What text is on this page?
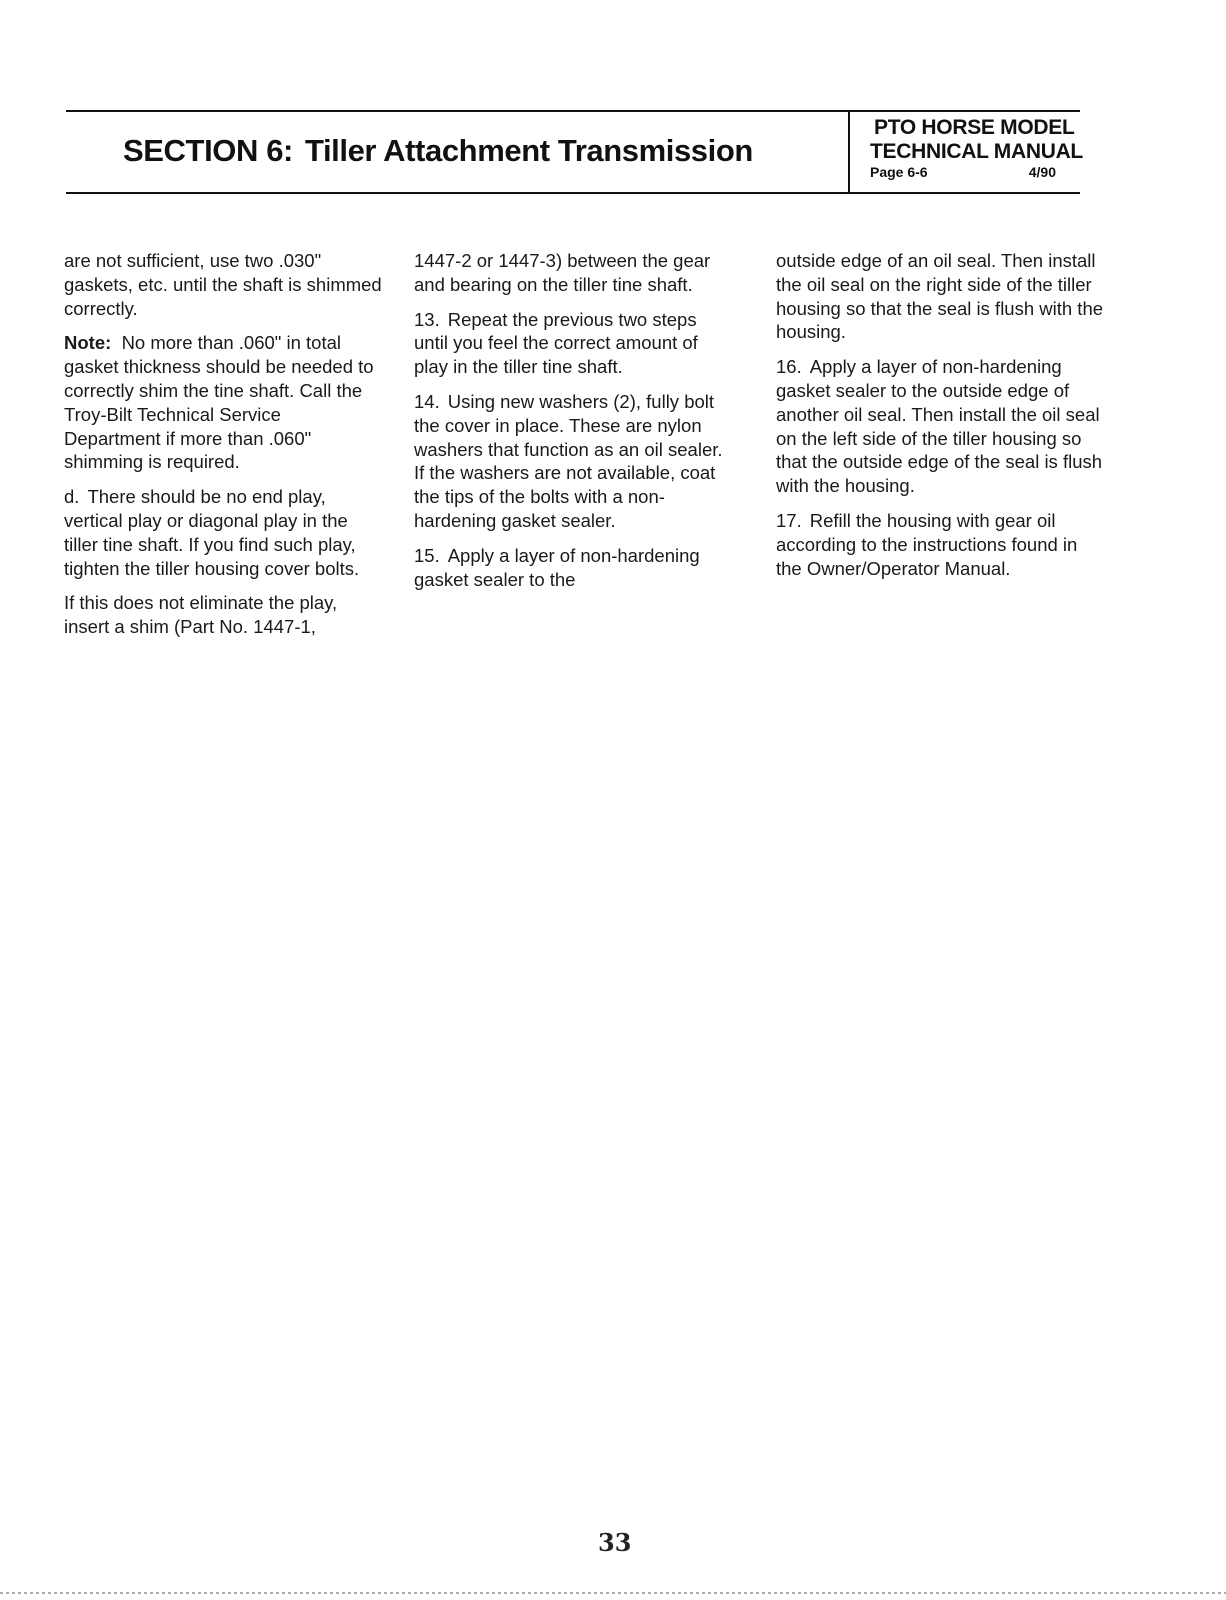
SECTION 6: Tiller Attachment Transmission
PTO HORSE MODEL
TECHNICAL MANUAL
Page 6-6	4/90

are not sufficient, use two .030" gaskets, etc. until the shaft is shimmed correctly.

Note: No more than .060" in total gasket thickness should be needed to correctly shim the tine shaft. Call the Troy-Bilt Technical Service Department if more than .060" shimming is required.

d. There should be no end play, vertical play or diagonal play in the tiller tine shaft. If you find such play, tighten the tiller housing cover bolts.

If this does not eliminate the play, insert a shim (Part No. 1447-1,

1447-2 or 1447-3) between the gear and bearing on the tiller tine shaft.

13. Repeat the previous two steps until you feel the correct amount of play in the tiller tine shaft.

14. Using new washers (2), fully bolt the cover in place. These are nylon washers that function as an oil sealer. If the washers are not available, coat the tips of the bolts with a non-hardening gasket sealer.

15. Apply a layer of non-hardening gasket sealer to the

outside edge of an oil seal. Then install the oil seal on the right side of the tiller housing so that the seal is flush with the housing.

16. Apply a layer of non-hardening gasket sealer to the outside edge of another oil seal. Then install the oil seal on the left side of the tiller housing so that the outside edge of the seal is flush with the housing.

17. Refill the housing with gear oil according to the instructions found in the Owner/Operator Manual.

33
